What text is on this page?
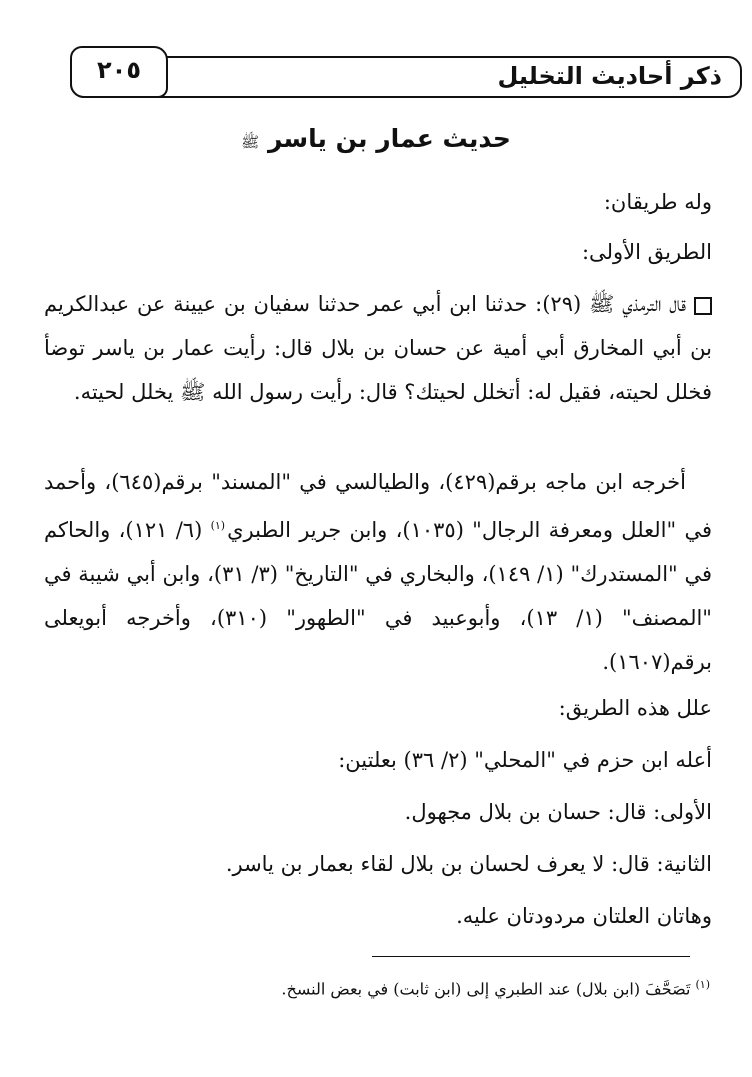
ذكر أحاديث التخليل
٢٠٥
حديث عمار بن ياسر ﷺ
وله طريقان:
الطريق الأولى:
قال الترمذي ﷺ (٢٩): حدثنا ابن أبي عمر حدثنا سفيان بن عيينة عن عبدالكريم بن أبي المخارق أبي أمية عن حسان بن بلال قال: رأيت عمار بن ياسر توضأ فخلل لحيته، فقيل له: أتخلل لحيتك؟ قال: رأيت رسول الله ﷺ يخلل لحيته.
أخرجه ابن ماجه برقم(٤٢٩)، والطيالسي في "المسند" برقم(٦٤٥)، وأحمد في "العلل ومعرفة الرجال" (١٠٣٥)، وابن جرير الطبري$^{(١)}$ (٦/ ١٢١)، والحاكم في "المستدرك" (١/ ١٤٩)، والبخاري في "التاريخ" (٣/ ٣١)، وابن أبي شيبة في "المصنف" (١/ ١٣)، وأبوعبيد في "الطهور" (٣١٠)، وأخرجه أبويعلى برقم(١٦٠٧).
علل هذه الطريق:
أعله ابن حزم في "المحلي" (٢/ ٣٦) بعلتين:
الأولى: قال: حسان بن بلال مجهول.
الثانية: قال: لا يعرف لحسان بن بلال لقاء بعمار بن ياسر.
وهاتان العلتان مردودتان عليه.
$^{(١)}$ تَصَحَّفَ (ابن بلال) عند الطبري إلى (ابن ثابت) في بعض النسخ.
